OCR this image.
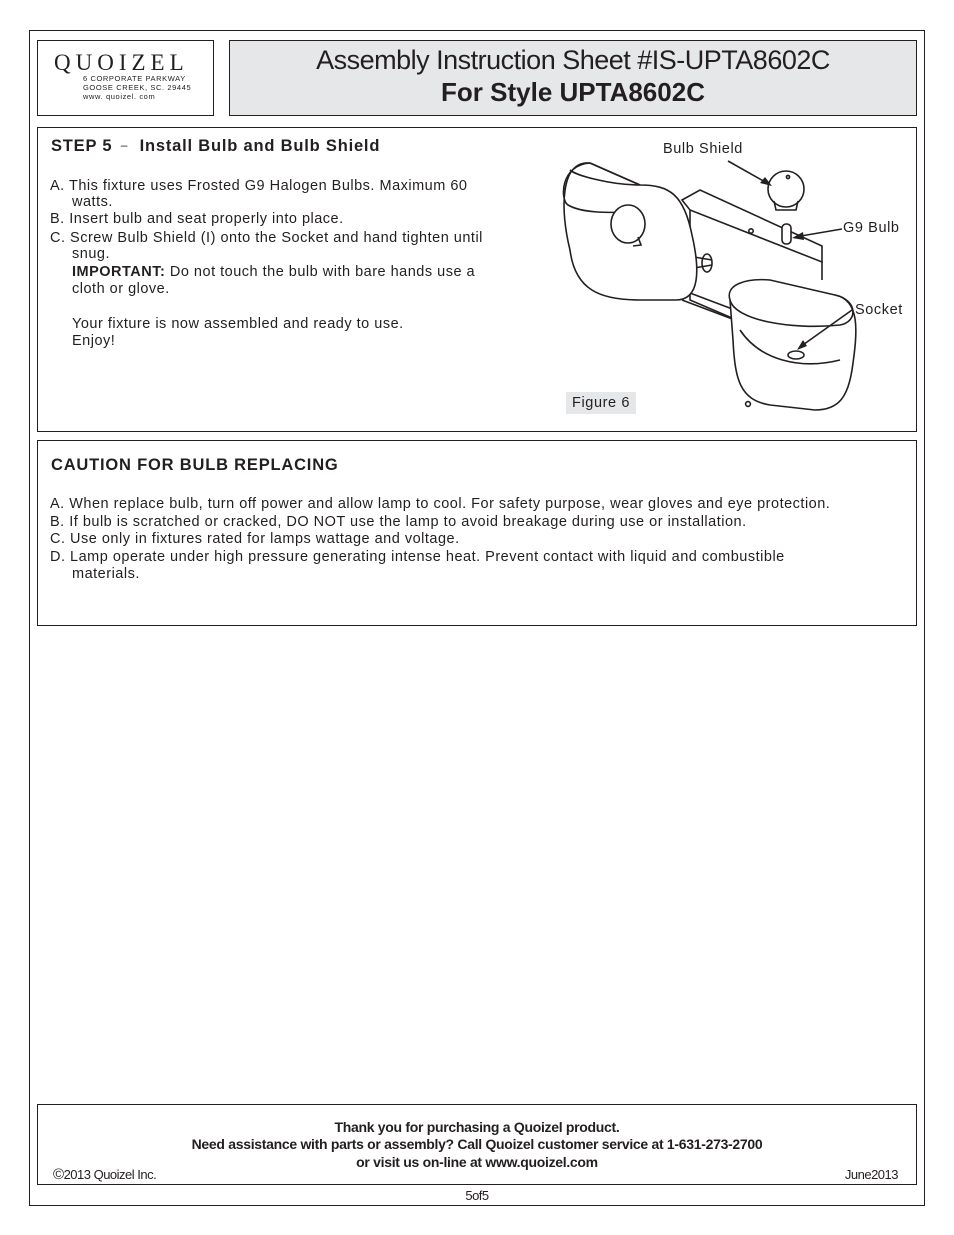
QUOIZEL
6 CORPORATE PARKWAY
GOOSE CREEK, SC. 29445
www. quoizel. com
Assembly Instruction Sheet #IS-UPTA8602C
For Style UPTA8602C
STEP 5 – Install Bulb and Bulb Shield
A. This fixture uses Frosted G9 Halogen Bulbs. Maximum 60
watts.
B. Insert bulb and seat properly into place.
C. Screw Bulb Shield (I) onto the Socket and hand tighten until
snug.
IMPORTANT: Do not touch the bulb with bare hands use a
cloth or glove.
Your fixture is now assembled and ready to use.
Enjoy!
Bulb Shield
G9 Bulb
Socket
Figure 6
CAUTION FOR BULB REPLACING
A. When replace bulb, turn off power and allow lamp to cool. For safety purpose, wear gloves and eye protection.
B. If bulb is scratched or cracked, DO NOT use the lamp to avoid breakage during use or installation.
C. Use only in fixtures rated for lamps wattage and voltage.
D. Lamp operate under high pressure generating intense heat. Prevent contact with liquid and combustible
materials.
Thank you for purchasing a Quoizel product.
Need assistance with parts or assembly? Call Quoizel customer service at 1-631-273-2700
or visit us on-line at www.quoizel.com
©2013 Quoizel Inc.	June2013
5of5
